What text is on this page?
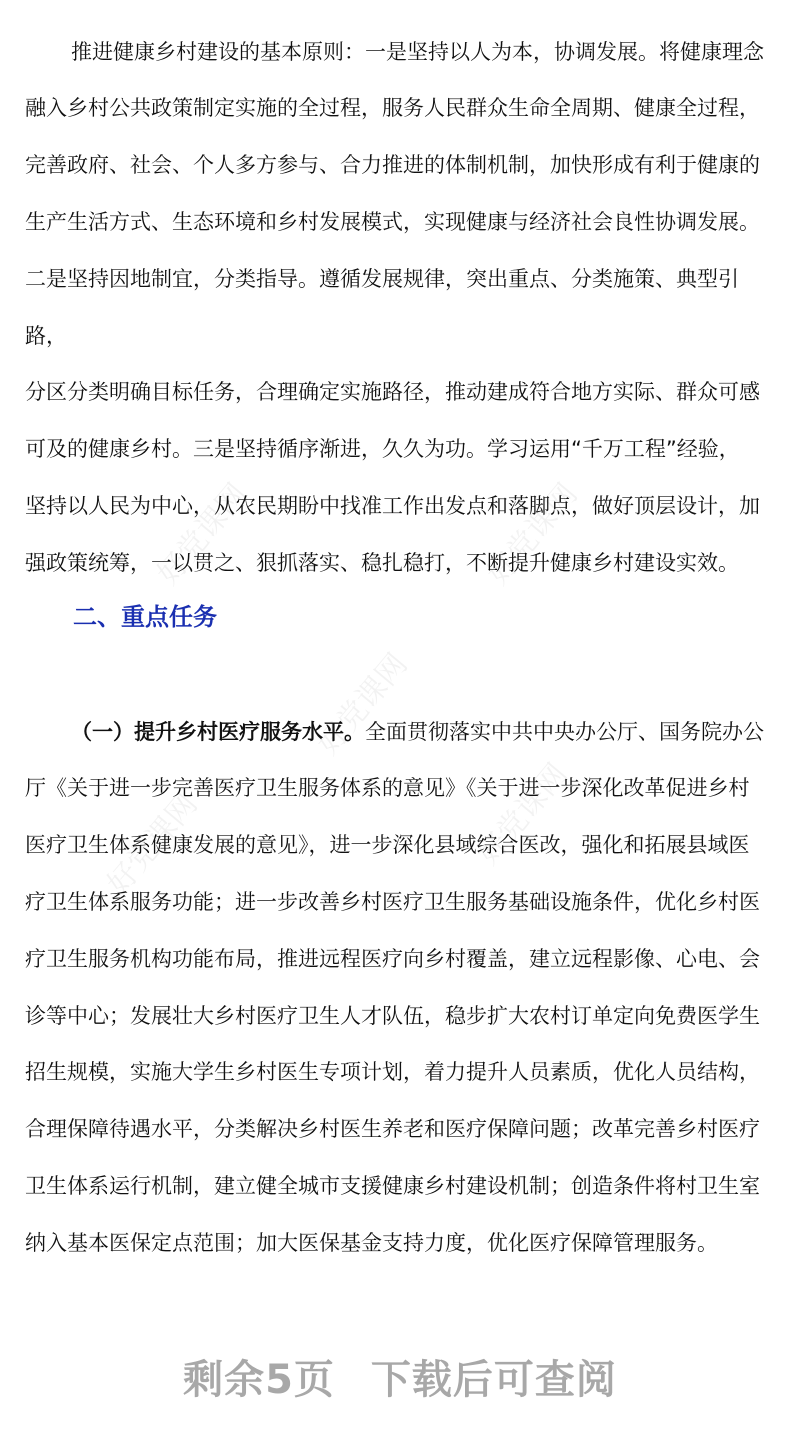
好党课网	好党课网
好党课网
好党课网	好党课网
推进健康乡村建设的基本原则：一是坚持以人为本，协调发展。将健康理念
融入乡村公共政策制定实施的全过程，服务人民群众生命全周期、健康全过程，
完善政府、社会、个人多方参与、合力推进的体制机制，加快形成有利于健康的
生产生活方式、生态环境和乡村发展模式，实现健康与经济社会良性协调发展。
二是坚持因地制宜，分类指导。遵循发展规律，突出重点、分类施策、典型引路，
分区分类明确目标任务，合理确定实施路径，推动建成符合地方实际、群众可感
可及的健康乡村。三是坚持循序渐进，久久为功。学习运用“千万工程”经验，
坚持以人民为中心，从农民期盼中找准工作出发点和落脚点，做好顶层设计，加
强政策统筹，一以贯之、狠抓落实、稳扎稳打，不断提升健康乡村建设实效。
二、重点任务
（一）提升乡村医疗服务水平。全面贯彻落实中共中央办公厅、国务院办公
厅《关于进一步完善医疗卫生服务体系的意见》《关于进一步深化改革促进乡村
医疗卫生体系健康发展的意见》，进一步深化县域综合医改，强化和拓展县域医
疗卫生体系服务功能；进一步改善乡村医疗卫生服务基础设施条件，优化乡村医
疗卫生服务机构功能布局，推进远程医疗向乡村覆盖，建立远程影像、心电、会
诊等中心；发展壮大乡村医疗卫生人才队伍，稳步扩大农村订单定向免费医学生
招生规模，实施大学生乡村医生专项计划，着力提升人员素质，优化人员结构，
合理保障待遇水平，分类解决乡村医生养老和医疗保障问题；改革完善乡村医疗
卫生体系运行机制，建立健全城市支援健康乡村建设机制；创造条件将村卫生室
纳入基本医保定点范围；加大医保基金支持力度，优化医疗保障管理服务。
剩余5页 下载后可查阅
